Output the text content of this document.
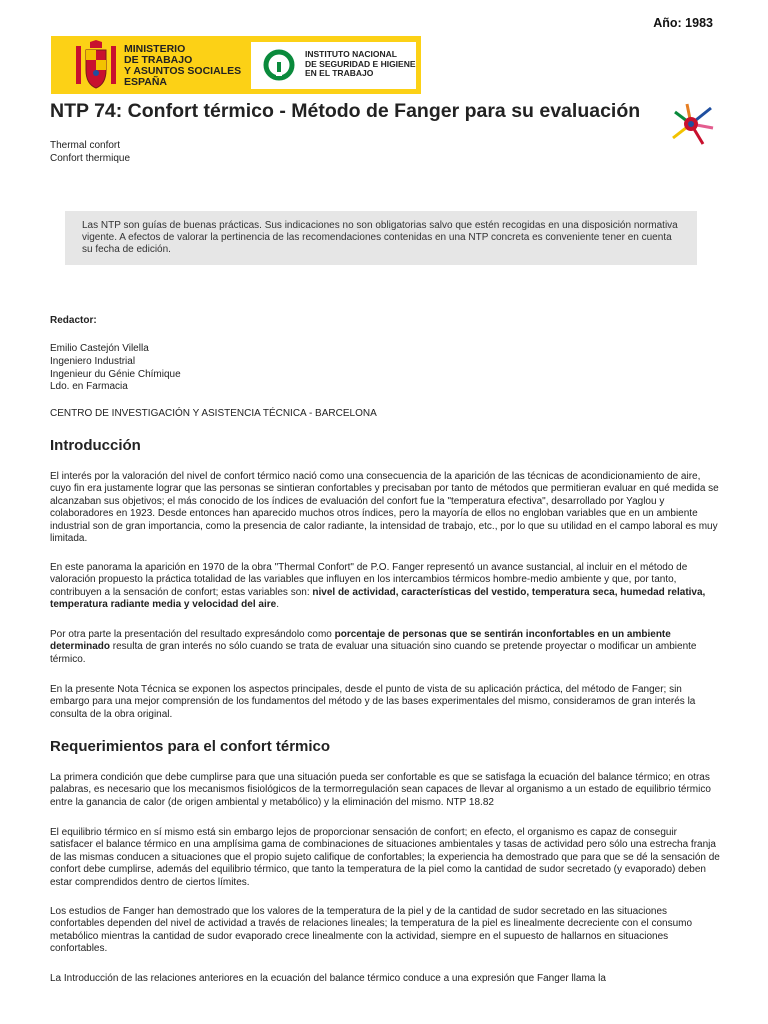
Año: 1983
MINISTERIO
DE TRABAJO
Y ASUNTOS SOCIALES
ESPAÑA
INSTITUTO NACIONAL
DE SEGURIDAD E HIGIENE
EN EL TRABAJO
NTP 74: Confort térmico - Método de Fanger para su evaluación
Thermal confort
Confort thermique

Las NTP son guías de buenas prácticas. Sus indicaciones no son obligatorias salvo que estén recogidas en una disposición normativa vigente. A efectos de valorar la pertinencia de las recomendaciones contenidas en una NTP concreta es conveniente tener en cuenta su fecha de edición.

Redactor:

Emilio Castejón Vilella

Ingeniero Industrial

Ingenieur du Génie Chímique

Ldo. en Farmacia

CENTRO DE INVESTIGACIÓN Y ASISTENCIA TÉCNICA - BARCELONA
Introducción

El interés por la valoración del nivel de confort térmico nació como una consecuencia de la aparición de las técnicas de acondicionamiento de aire, cuyo fin era justamente lograr que las personas se sintieran confortables y precisaban por tanto de métodos que permitieran evaluar en qué medida se alcanzaban sus objetivos; el más conocido de los índices de evaluación del confort fue la "temperatura efectiva", desarrollado por Yaglou y colaboradores en 1923. Desde entonces han aparecido muchos otros índices, pero la mayoría de ellos no engloban variables que en un ambiente industrial son de gran importancia, como la presencia de calor radiante, la intensidad de trabajo, etc., por lo que su utilidad en el campo laboral es muy limitada.

En este panorama la aparición en 1970 de la obra "Thermal Confort" de P.O. Fanger representó un avance sustancial, al incluir en el método de valoración propuesto la práctica totalidad de las variables que influyen en los intercambios térmicos hombre-medio ambiente y que, por tanto, contribuyen a la sensación de confort; estas variables son: nivel de actividad, características del vestido, temperatura seca, humedad relativa, temperatura radiante media y velocidad del aire.

Por otra parte la presentación del resultado expresándolo como porcentaje de personas que se sentirán inconfortables en un ambiente determinado resulta de gran interés no sólo cuando se trata de evaluar una situación sino cuando se pretende proyectar o modificar un ambiente térmico.

En la presente Nota Técnica se exponen los aspectos principales, desde el punto de vista de su aplicación práctica, del método de Fanger; sin embargo para una mejor comprensión de los fundamentos del método y de las bases experimentales del mismo, consideramos de gran interés la consulta de la obra original.

Requerimientos para el confort térmico

La primera condición que debe cumplirse para que una situación pueda ser confortable es que se satisfaga la ecuación del balance térmico; en otras palabras, es necesario que los mecanismos fisiológicos de la termorregulación sean capaces de llevar al organismo a un estado de equilibrio térmico entre la ganancia de calor (de origen ambiental y metabólico) y la eliminación del mismo. NTP 18.82

El equilibrio térmico en sí mismo está sin embargo lejos de proporcionar sensación de confort; en efecto, el organismo es capaz de conseguir satisfacer el balance térmico en una amplísima gama de combinaciones de situaciones ambientales y tasas de actividad pero sólo una estrecha franja de las mismas conducen a situaciones que el propio sujeto califique de confortables; la experiencia ha demostrado que para que se dé la sensación de confort debe cumplirse, además del equilibrio térmico, que tanto la temperatura de la piel como la cantidad de sudor secretado (y evaporado) deben estar comprendidos dentro de ciertos límites.

Los estudios de Fanger han demostrado que los valores de la temperatura de la piel y de la cantidad de sudor secretado en las situaciones confortables dependen del nivel de actividad a través de relaciones lineales; la temperatura de la piel es linealmente decreciente con el consumo metabólico mientras la cantidad de sudor evaporado crece linealmente con la actividad, siempre en el supuesto de hallarnos en situaciones confortables.

La Introducción de las relaciones anteriores en la ecuación del balance térmico conduce a una expresión que Fanger llama la
